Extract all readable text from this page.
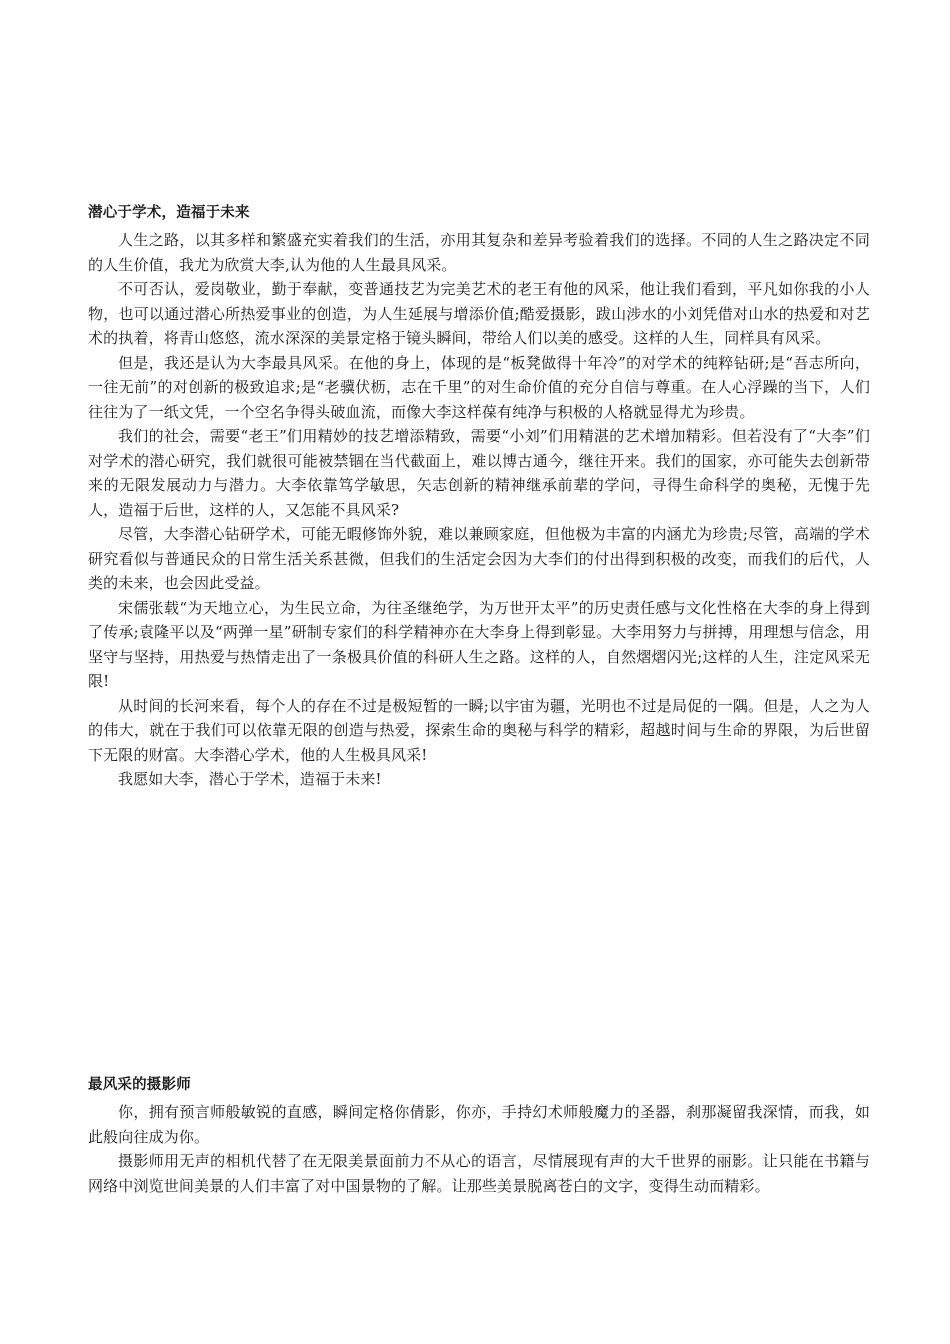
潜心于学术，造福于未来

人生之路，以其多样和繁盛充实着我们的生活，亦用其复杂和差异考验着我们的选择。不同的人生之路决定不同的人生价值，我尤为欣赏大李,认为他的人生最具风采。

不可否认，爱岗敬业，勤于奉献，变普通技艺为完美艺术的老王有他的风采，他让我们看到，平凡如你我的小人物，也可以通过潜心所热爱事业的创造，为人生延展与增添价值;酷爱摄影，跋山涉水的小刘凭借对山水的热爱和对艺术的执着，将青山悠悠，流水深深的美景定格于镜头瞬间，带给人们以美的感受。这样的人生，同样具有风采。

但是，我还是认为大李最具风采。在他的身上，体现的是“板凳做得十年冷”的对学术的纯粹钻研;是“吾志所向，一往无前”的对创新的极致追求;是“老骥伏枥，志在千里”的对生命价值的充分自信与尊重。在人心浮躁的当下，人们往往为了一纸文凭，一个空名争得头破血流，而像大李这样葆有纯净与积极的人格就显得尤为珍贵。

我们的社会，需要“老王”们用精妙的技艺增添精致，需要“小刘”们用精湛的艺术增加精彩。但若没有了“大李”们对学术的潜心研究，我们就很可能被禁锢在当代截面上，难以博古通今，继往开来。我们的国家，亦可能失去创新带来的无限发展动力与潜力。大李依靠笃学敏思，矢志创新的精神继承前辈的学问，寻得生命科学的奥秘，无愧于先人，造福于后世，这样的人，又怎能不具风采?

尽管，大李潜心钻研学术，可能无暇修饰外貌，难以兼顾家庭，但他极为丰富的内涵尤为珍贵;尽管，高端的学术研究看似与普通民众的日常生活关系甚微，但我们的生活定会因为大李们的付出得到积极的改变，而我们的后代，人类的未来，也会因此受益。

宋儒张载“为天地立心，为生民立命，为往圣继绝学，为万世开太平”的历史责任感与文化性格在大李的身上得到了传承;袁隆平以及“两弹一星”研制专家们的科学精神亦在大李身上得到彰显。大李用努力与拼搏，用理想与信念，用坚守与坚持，用热爱与热情走出了一条极具价值的科研人生之路。这样的人，自然熠熠闪光;这样的人生，注定风采无限!

从时间的长河来看，每个人的存在不过是极短暂的一瞬;以宇宙为疆，光明也不过是局促的一隅。但是，人之为人的伟大，就在于我们可以依靠无限的创造与热爱，探索生命的奥秘与科学的精彩，超越时间与生命的界限，为后世留下无限的财富。大李潜心学术，他的人生极具风采!

我愿如大李，潜心于学术，造福于未来!

最风采的摄影师

你，拥有预言师般敏锐的直感，瞬间定格你倩影，你亦，手持幻术师般魔力的圣器，刹那凝留我深情，而我，如此般向往成为你。

摄影师用无声的相机代替了在无限美景面前力不从心的语言，尽情展现有声的大千世界的丽影。让只能在书籍与网络中浏览世间美景的人们丰富了对中国景物的了解。让那些美景脱离苍白的文字，变得生动而精彩。
